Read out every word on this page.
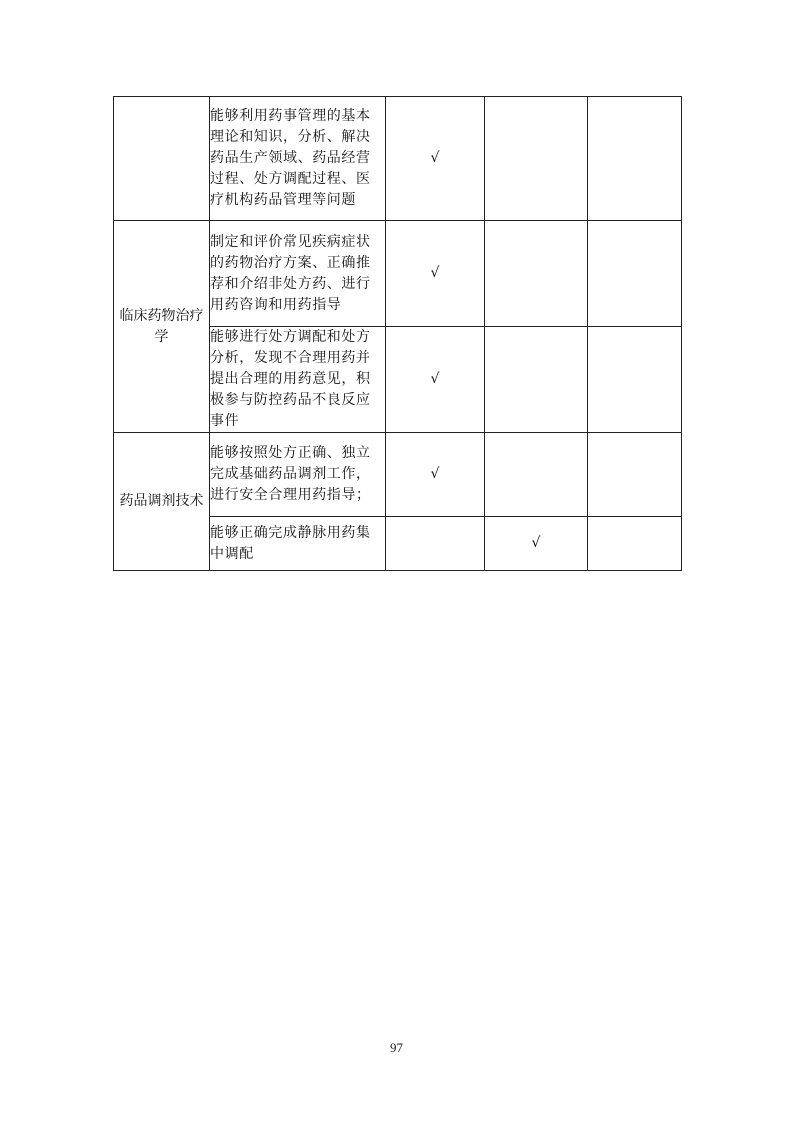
	能够利用药事管理的基本理论和知识，分析、解决药品生产领域、药品经营过程、处方调配过程、医疗机构药品管理等问题	√		
临床药物治疗学	制定和评价常见疾病症状的药物治疗方案、正确推荐和介绍非处方药、进行用药咨询和用药指导	√		
	能够进行处方调配和处方分析，发现不合理用药并提出合理的用药意见，积极参与防控药品不良反应事件	√		
药品调剂技术	能够按照处方正确、独立完成基础药品调剂工作，进行安全合理用药指导；	√		
	能够正确完成静脉用药集中调配		√	
97
